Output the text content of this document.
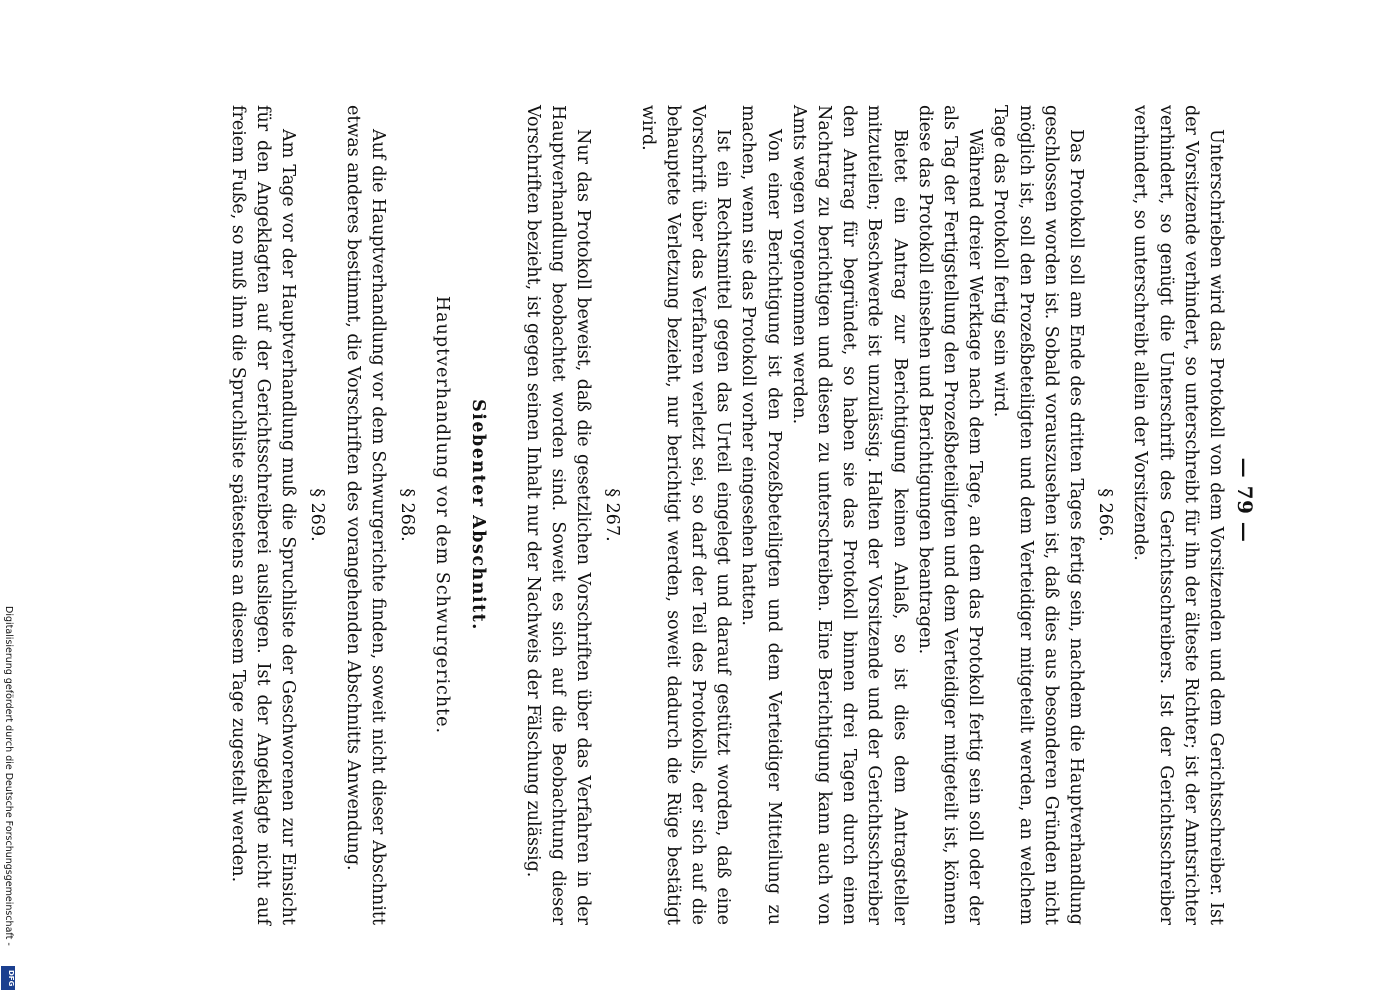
— 79 —

Unterschrieben wird das Protokoll von dem Vorsitzenden und dem Gerichtsschreiber. Ist der Vorsitzende verhindert, so unterschreibt für ihn der älteste Richter; ist der Amtsrichter verhindert, so genügt die Unterschrift des Gerichtsschreibers. Ist der Gerichtsschreiber verhindert, so unterschreibt allein der Vorsitzende.

§ 266.

Das Protokoll soll am Ende des dritten Tages fertig sein, nachdem die Hauptverhandlung geschlossen worden ist. Sobald vorauszusehen ist, daß dies aus besonderen Gründen nicht möglich ist, soll den Prozeßbeteiligten und dem Verteidiger mitgeteilt werden, an welchem Tage das Protokoll fertig sein wird.

Während dreier Werktage nach dem Tage, an dem das Protokoll fertig sein soll oder der als Tag der Fertigstellung den Prozeßbeteiligten und dem Verteidiger mitgeteilt ist, können diese das Protokoll einsehen und Berichtigungen beantragen.

Bietet ein Antrag zur Berichtigung keinen Anlaß, so ist dies dem Antragsteller mitzuteilen; Beschwerde ist unzulässig. Halten der Vorsitzende und der Gerichtsschreiber den Antrag für begründet, so haben sie das Protokoll binnen drei Tagen durch einen Nachtrag zu berichtigen und diesen zu unterschreiben. Eine Berichtigung kann auch von Amts wegen vorgenommen werden.

Von einer Berichtigung ist den Prozeßbeteiligten und dem Verteidiger Mitteilung zu machen, wenn sie das Protokoll vorher eingesehen hatten.

Ist ein Rechtsmittel gegen das Urteil eingelegt und darauf gestützt worden, daß eine Vorschrift über das Verfahren verletzt sei, so darf der Teil des Protokolls, der sich auf die behauptete Verletzung bezieht, nur berichtigt werden, soweit dadurch die Rüge bestätigt wird.

§ 267.

Nur das Protokoll beweist, daß die gesetzlichen Vorschriften über das Verfahren in der Hauptverhandlung beobachtet worden sind. Soweit es sich auf die Beobachtung dieser Vorschriften bezieht, ist gegen seinen Inhalt nur der Nachweis der Fälschung zulässig.

Siebenter Abschnitt.

Hauptverhandlung vor dem Schwurgerichte.

§ 268.

Auf die Hauptverhandlung vor dem Schwurgerichte finden, soweit nicht dieser Abschnitt etwas anderes bestimmt, die Vorschriften des vorangehenden Abschnitts Anwendung.

§ 269.

Am Tage vor der Hauptverhandlung muß die Spruchliste der Geschworenen zur Einsicht für den Angeklagten auf der Gerichtsschreiberei ausliegen. Ist der Angeklagte nicht auf freiem Fuße, so muß ihm die Spruchliste spätestens an diesem Tage zugestellt werden.

Digitalisierung gefördert durch die Deutsche Forschungsgemeinschaft -
DFG
